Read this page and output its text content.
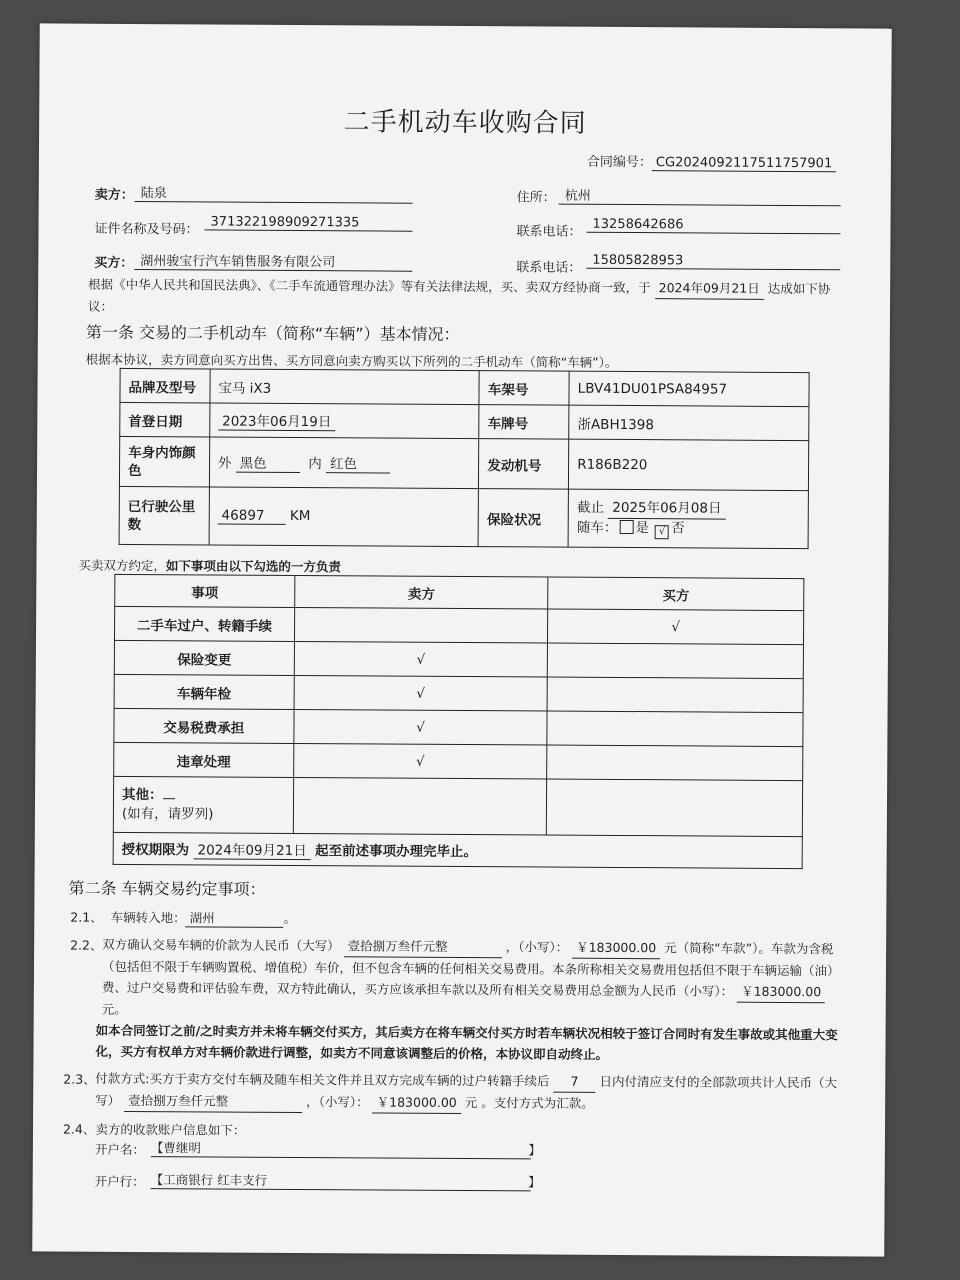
二手机动车收购合同
合同编号： CG2024092117511757901
卖方： 陆泉	住所： 杭州
证件名称及号码： 371322198909271335
联系电话： 13258642686
买方： 湖州骏宝行汽车销售服务有限公司	联系电话： 15805828953
根据《中华人民共和国民法典》、《二手车流通管理办法》等有关法律法规，买、卖双方经协商一致，于 2024年09月21日 达成如下协议：
第一条 交易的二手机动车（简称“车辆”）基本情况：
根据本协议，卖方同意向买方出售、买方同意向卖方购买以下所列的二手机动车（简称“车辆”）。
品牌及型号	宝马 iX3	车架号	LBV41DU01PSA84957
首登日期	2023年06月19日	车牌号	浙ABH1398
车身内饰颜色	外 黑色 内 红色	发动机号	R186B220
已行驶公里数	46897 KM	保险状况	截止 2025年06月08日
随车： 是 √ 否
买卖双方约定，如下事项由以下勾选的一方负责
事项	卖方	买方
二手车过户、转籍手续		√
保险变更	√	
车辆年检	√	
交易税费承担	√	
违章处理	√	
其他：
(如有，请罗列)		
授权期限为 2024年09月21日 起至前述事项办理完毕止。		
第二条 车辆交易约定事项：
2.1、 车辆转入地： 湖州	。
2.2、 双方确认交易车辆的价款为人民币（大写） 壹拾捌万叁仟元整	，（小写）： ￥183000.00 元（简称“车款”）。车款为含税（包括但不限于车辆购置税、增值税）车价，但不包含车辆的任何相关交易费用。本条所称相关交易费用包括但不限于车辆运输（油）费、过户交易费和评估验车费，双方特此确认，买方应该承担车款以及所有相关交易费用总金额为人民币（小写）： ￥183000.00 元。
如本合同签订之前/之时卖方并未将车辆交付买方，其后卖方在将车辆交付买方时若车辆状况相较于签订合同时有发生事故或其他重大变化，买方有权单方对车辆价款进行调整，如卖方不同意该调整后的价格，本协议即自动终止。
2.3、 付款方式:买方于卖方交付车辆及随车相关文件并且双方完成车辆的过户转籍手续后 7 日内付清应支付的全部款项共计人民币（大写） 壹拾捌万叁仟元整	，（小写）： ￥183000.00 元 。支付方式为汇款。
2.4、卖方的收款账户信息如下：
开户名： 【曹继明	】
开户行： 【工商银行 红丰支行	】
